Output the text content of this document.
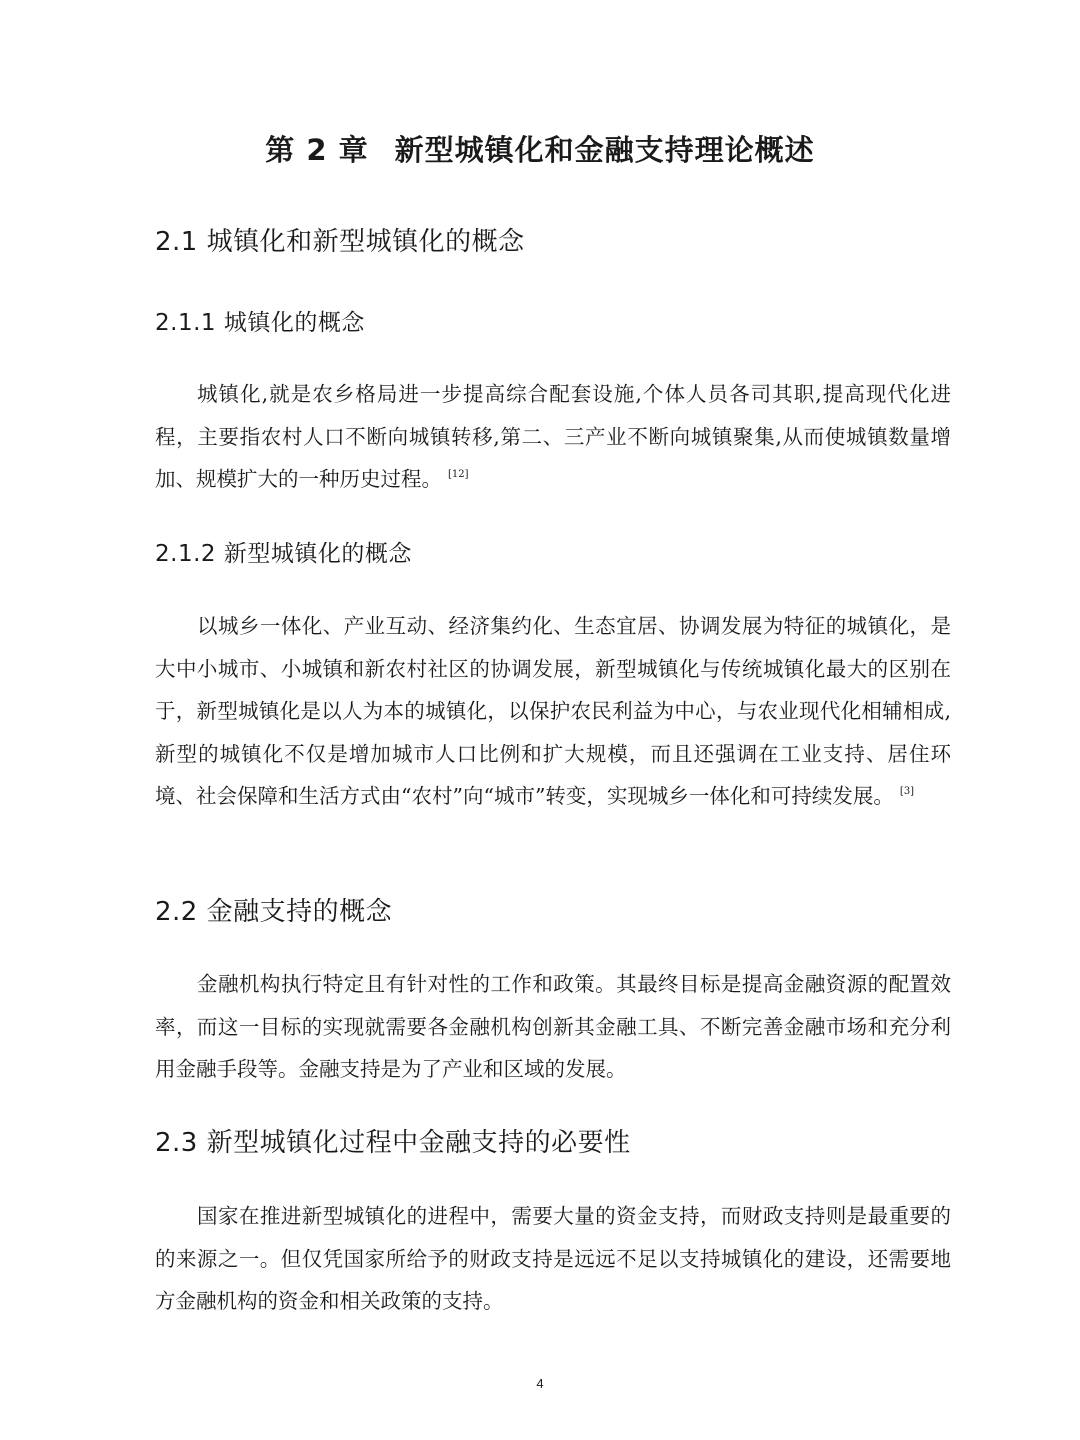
第 2 章 新型城镇化和金融支持理论概述
2.1 城镇化和新型城镇化的概念
2.1.1 城镇化的概念

城镇化,就是农乡格局进一步提高综合配套设施,个体人员各司其职,提高现代化进程，主要指农村人口不断向城镇转移,第二、三产业不断向城镇聚集,从而使城镇数量增加、规模扩大的一种历史过程。 [12]

2.1.2 新型城镇化的概念

以城乡一体化、产业互动、经济集约化、生态宜居、协调发展为特征的城镇化，是大中小城市、小城镇和新农村社区的协调发展，新型城镇化与传统城镇化最大的区别在于，新型城镇化是以人为本的城镇化，以保护农民利益为中心，与农业现代化相辅相成,新型的城镇化不仅是增加城市人口比例和扩大规模，而且还强调在工业支持、居住环境、社会保障和生活方式由“农村”向“城市”转变，实现城乡一体化和可持续发展。 [3]

2.2 金融支持的概念

金融机构执行特定且有针对性的工作和政策。其最终目标是提高金融资源的配置效率，而这一目标的实现就需要各金融机构创新其金融工具、不断完善金融市场和充分利用金融手段等。金融支持是为了产业和区域的发展。

2.3 新型城镇化过程中金融支持的必要性

国家在推进新型城镇化的进程中，需要大量的资金支持，而财政支持则是最重要的的来源之一。但仅凭国家所给予的财政支持是远远不足以支持城镇化的建设，还需要地方金融机构的资金和相关政策的支持。

4
